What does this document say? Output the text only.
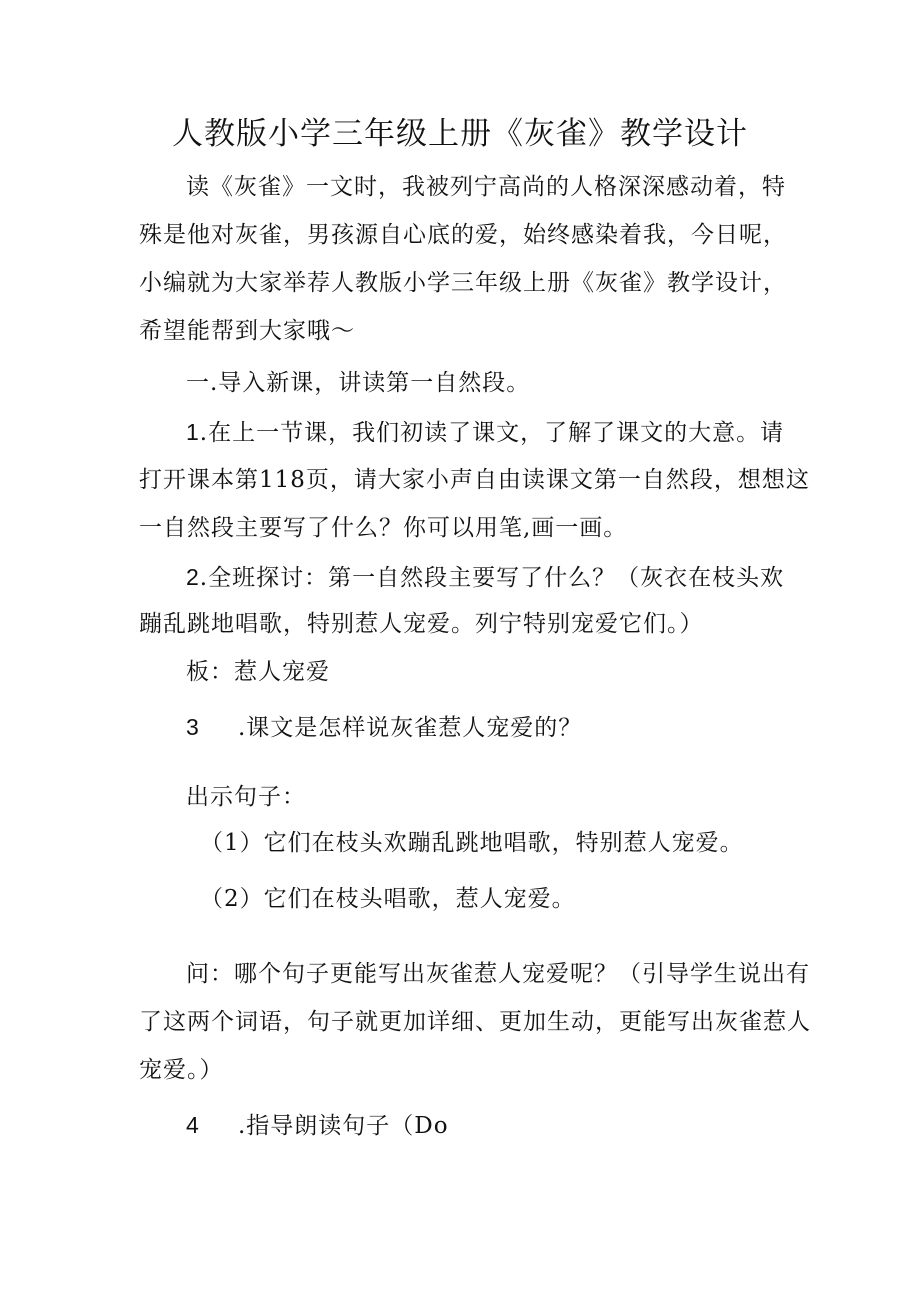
人教版小学三年级上册《灰雀》教学设计
读《灰雀》一文时，我被列宁高尚的人格深深感动着，特
殊是他对灰雀，男孩源自心底的爱，始终感染着我，今日呢，
小编就为大家举荐人教版小学三年级上册《灰雀》教学设计，
希望能帮到大家哦～
一.导入新课，讲读第一自然段。
1.在上一节课，我们初读了课文，了解了课文的大意。请
打开课本第118页，请大家小声自由读课文第一自然段，想想这
一自然段主要写了什么？你可以用笔,画一画。
2.全班探讨：第一自然段主要写了什么？（灰衣在枝头欢
蹦乱跳地唱歌，特别惹人宠爱。列宁特别宠爱它们。）
板：惹人宠爱
3 .课文是怎样说灰雀惹人宠爱的？
出示句子：
（1）它们在枝头欢蹦乱跳地唱歌，特别惹人宠爱。
（2）它们在枝头唱歌，惹人宠爱。
问：哪个句子更能写出灰雀惹人宠爱呢？（引导学生说出有
了这两个词语，句子就更加详细、更加生动，更能写出灰雀惹人
宠爱。）
4 .指导朗读句子（Do
